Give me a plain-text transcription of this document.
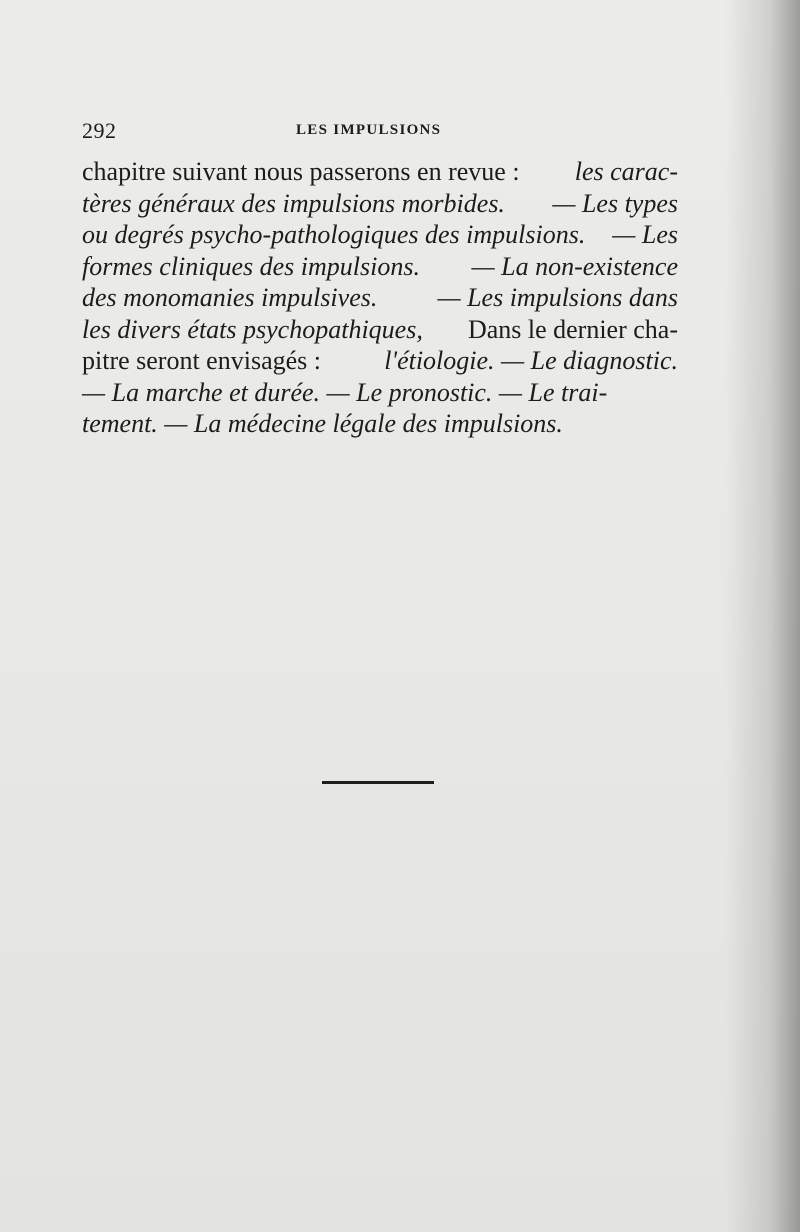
292	LES IMPULSIONS
chapitre suivant nous passerons en revue : les carac-
tères généraux des impulsions morbides. — Les types
ou degrés psycho-pathologiques des impulsions. — Les
formes cliniques des impulsions. — La non-existence
des monomanies impulsives. — Les impulsions dans
les divers états psychopathiques, Dans le dernier cha-
pitre seront envisagés : l'étiologie. — Le diagnostic.
— La marche et durée. — Le pronostic. — Le trai-
tement. — La médecine légale des impulsions.
